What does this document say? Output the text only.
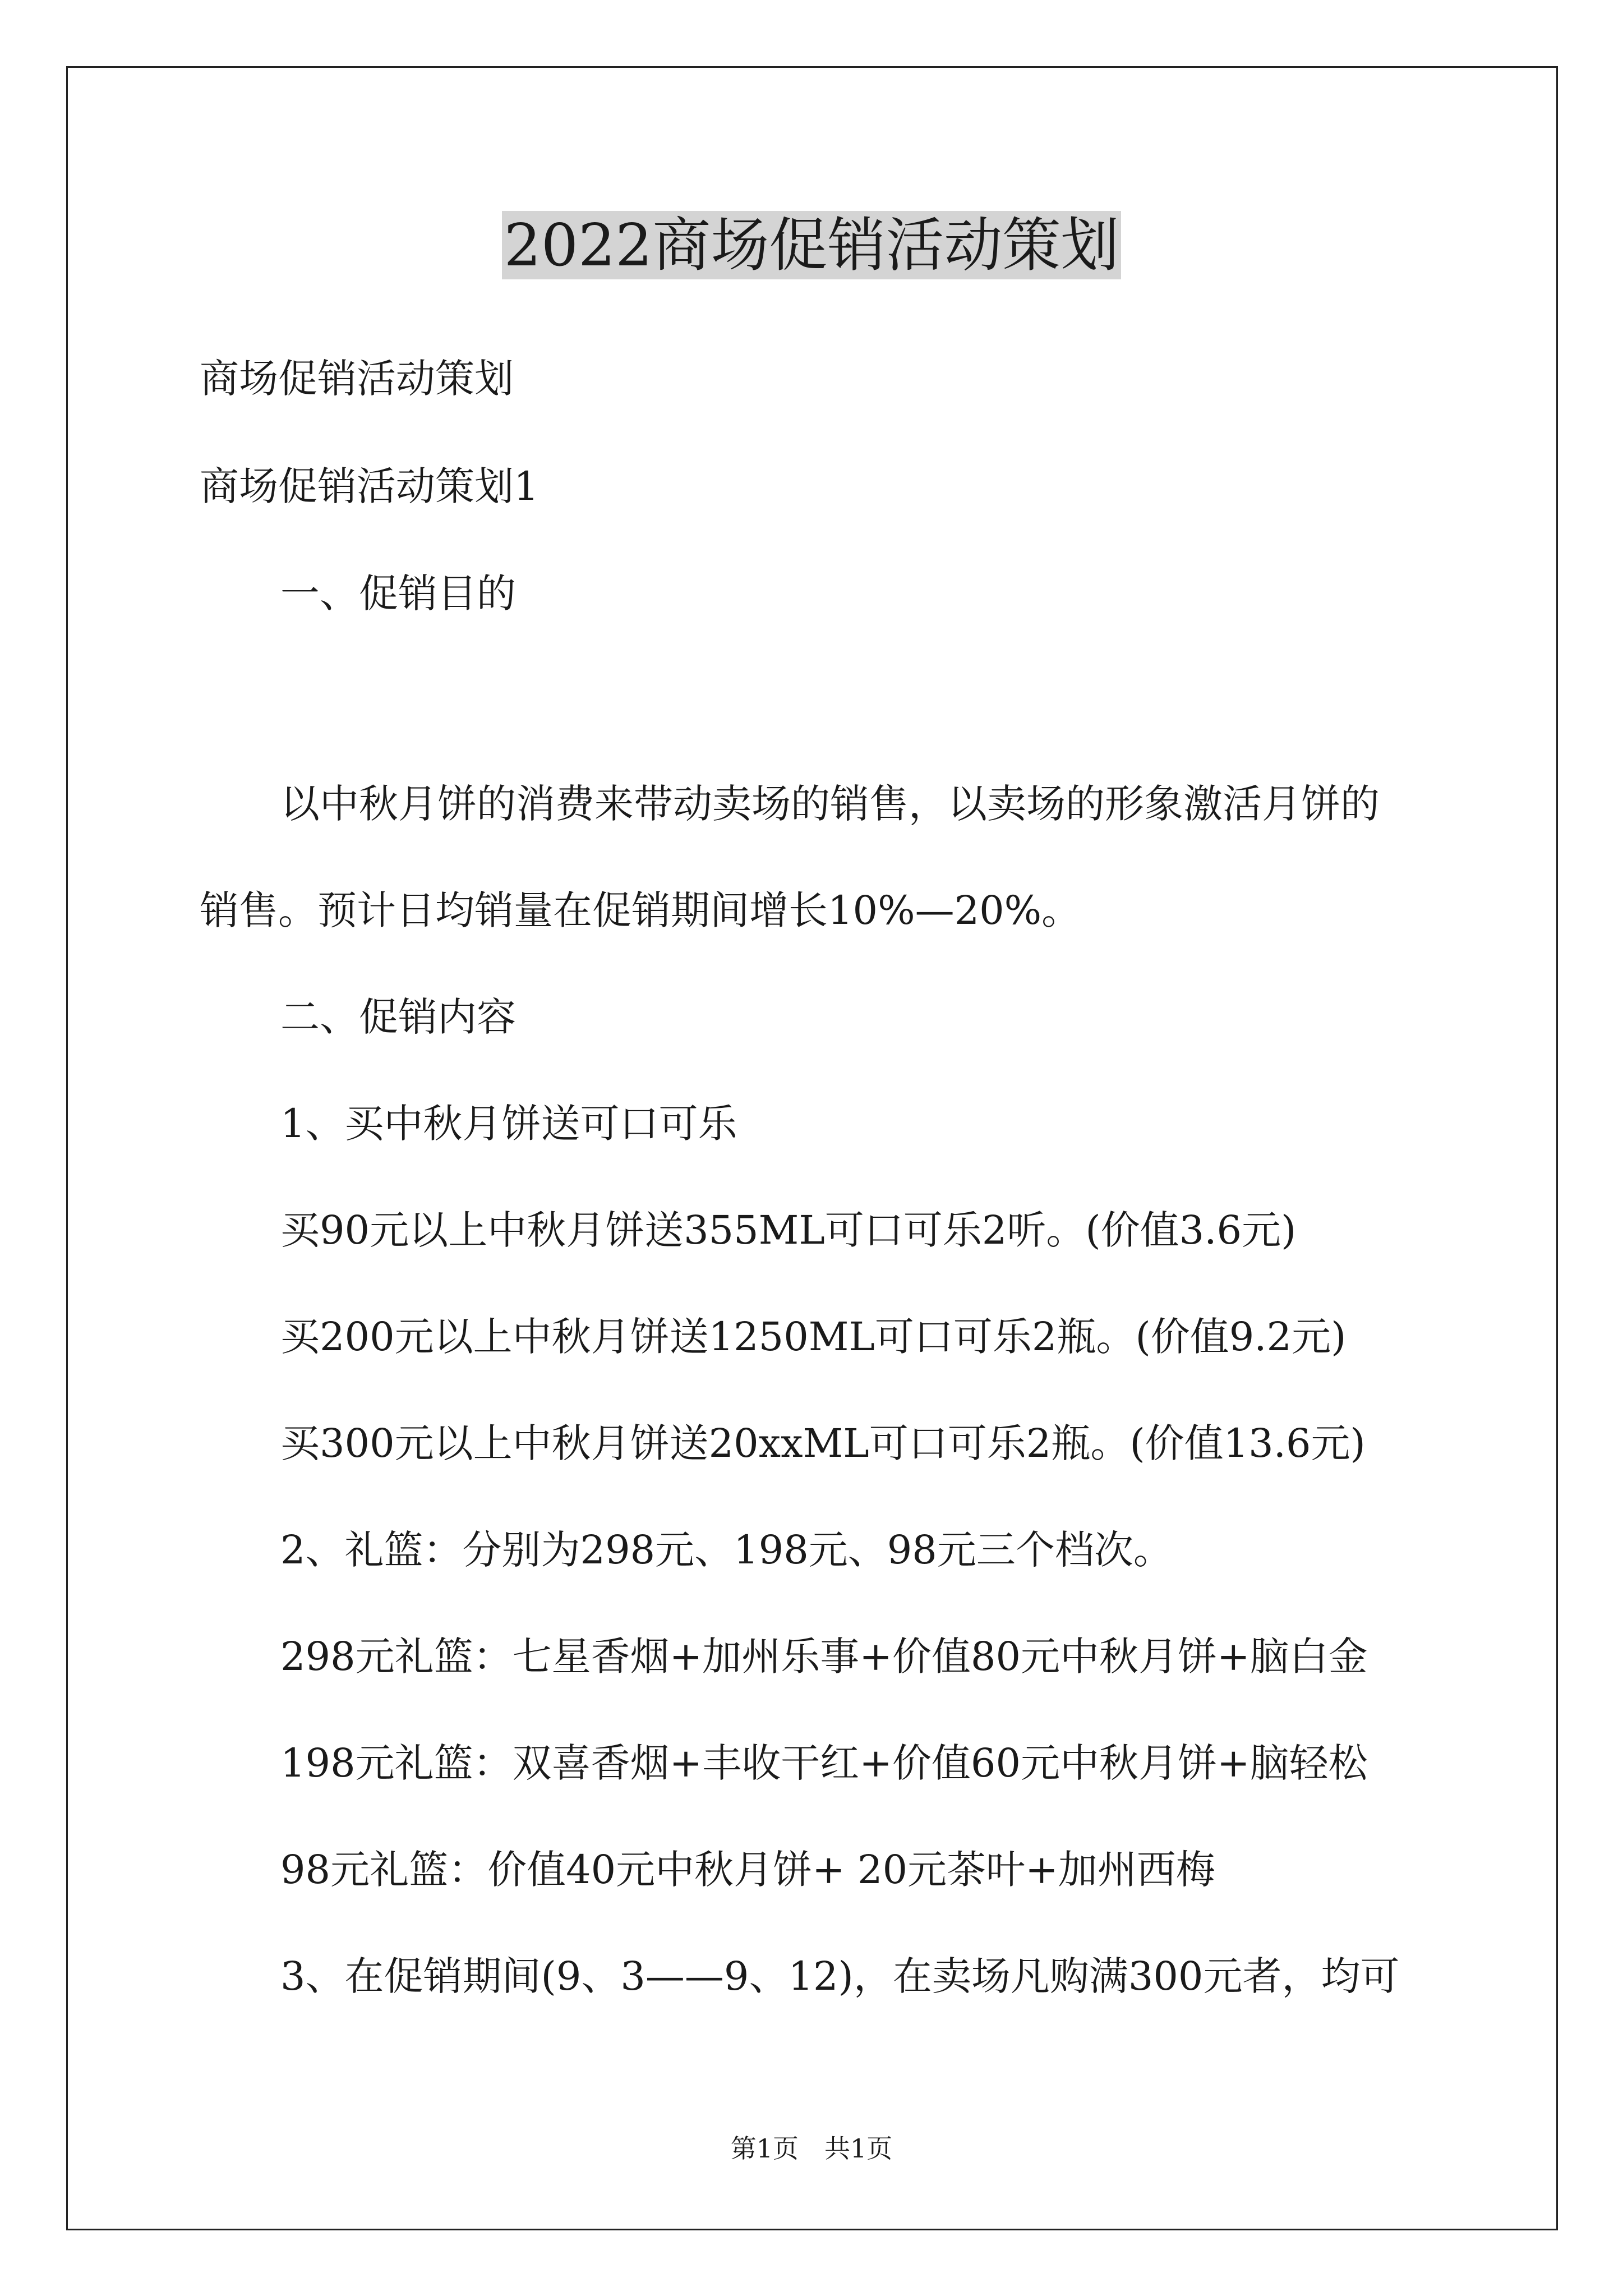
2022商场促销活动策划
商场促销活动策划
商场促销活动策划1
一、促销目的
以中秋月饼的消费来带动卖场的销售，以卖场的形象激活月饼的
销售。预计日均销量在促销期间增长10%—20%。
二、促销内容
1、买中秋月饼送可口可乐
买90元以上中秋月饼送355ML可口可乐2听。(价值3.6元)
买200元以上中秋月饼送1250ML可口可乐2瓶。(价值9.2元)
买300元以上中秋月饼送20xxML可口可乐2瓶。(价值13.6元)
2、礼篮：分别为298元、198元、98元三个档次。
298元礼篮：七星香烟+加州乐事+价值80元中秋月饼+脑白金
198元礼篮：双喜香烟+丰收干红+价值60元中秋月饼+脑轻松
98元礼篮：价值40元中秋月饼+ 20元茶叶+加州西梅
3、在促销期间(9、3——9、12)，在卖场凡购满300元者，均可
第1页　共1页
